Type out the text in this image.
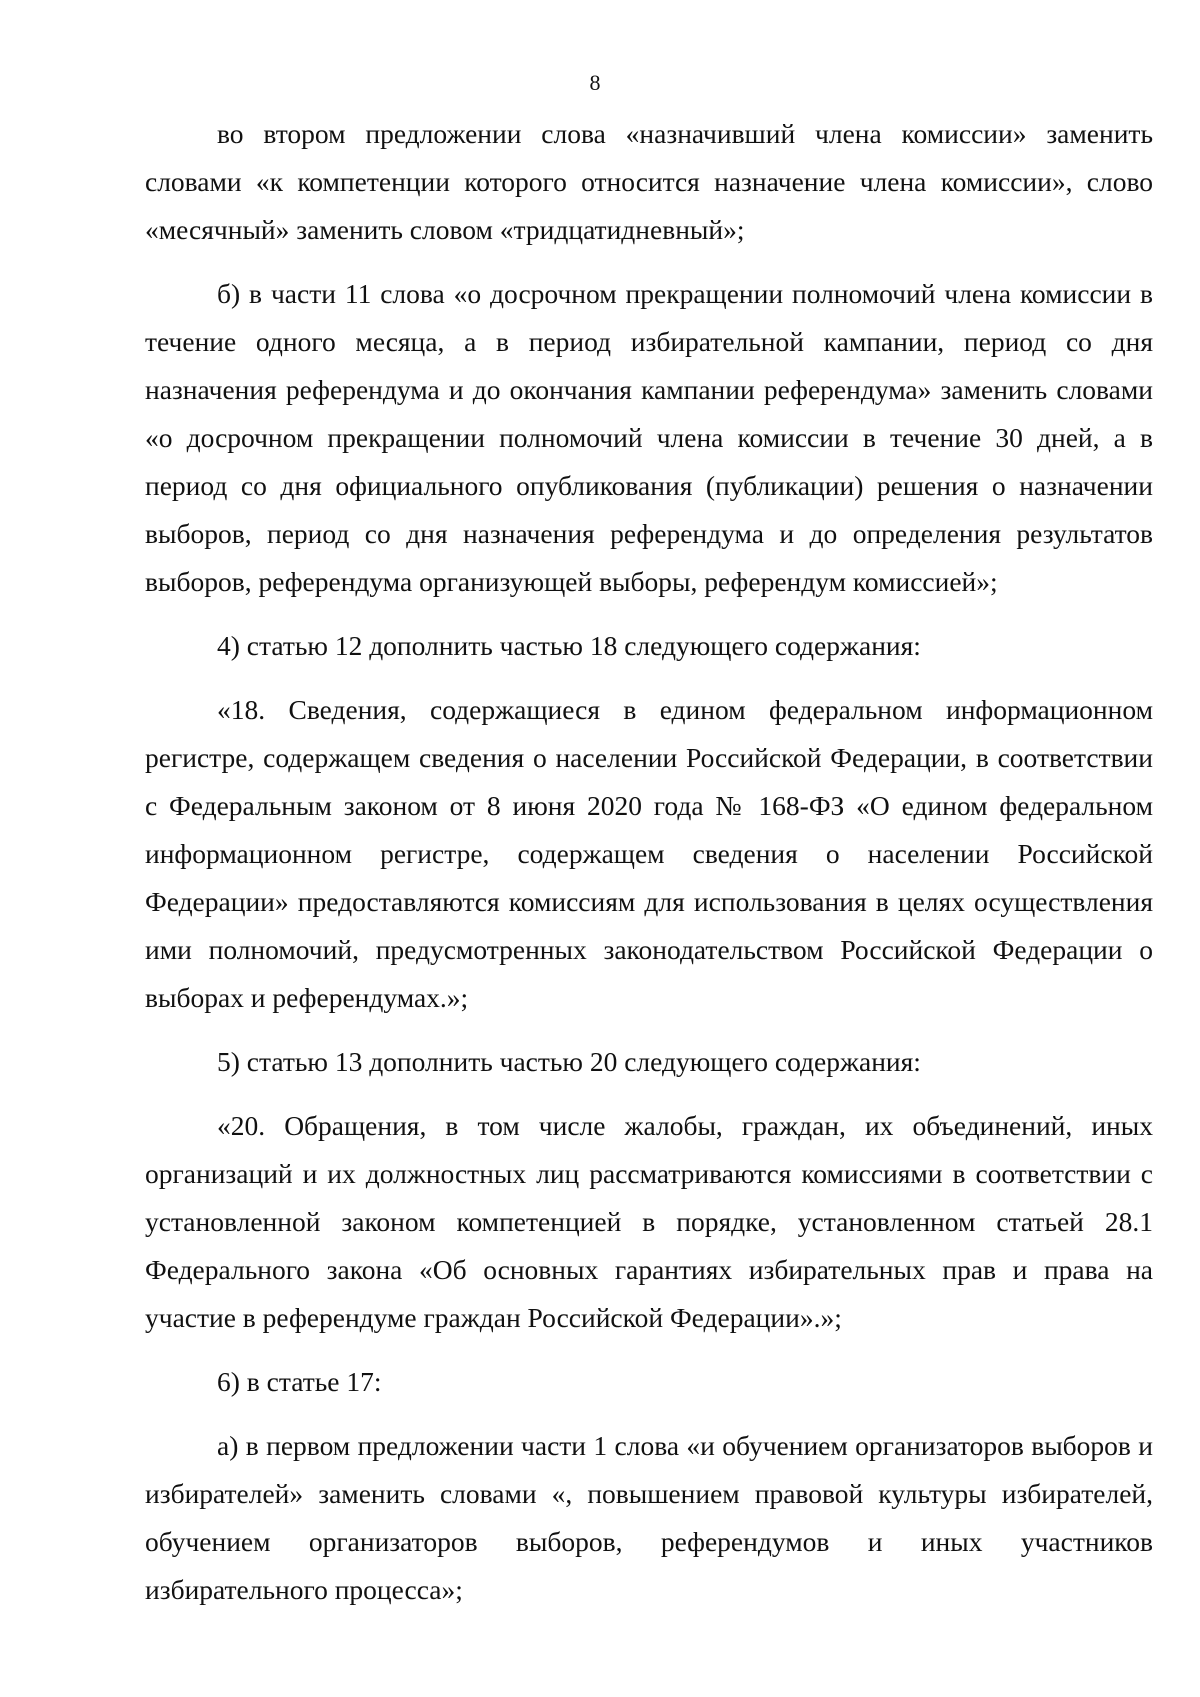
8

во втором предложении слова «назначивший члена комиссии» заменить словами «к компетенции которого относится назначение члена комиссии», слово «месячный» заменить словом «тридцатидневный»;

б) в части 11 слова «о досрочном прекращении полномочий члена комиссии в течение одного месяца, а в период избирательной кампании, период со дня назначения референдума и до окончания кампании референдума» заменить словами «о досрочном прекращении полномочий члена комиссии в течение 30 дней, а в период со дня официального опубликования (публикации) решения о назначении выборов, период со дня назначения референдума и до определения результатов выборов, референдума организующей выборы, референдум комиссией»;

4) статью 12 дополнить частью 18 следующего содержания:

«18. Сведения, содержащиеся в едином федеральном информационном регистре, содержащем сведения о населении Российской Федерации, в соответствии с Федеральным законом от 8 июня 2020 года № 168-ФЗ «О едином федеральном информационном регистре, содержащем сведения о населении Российской Федерации» предоставляются комиссиям для использования в целях осуществления ими полномочий, предусмотренных законодательством Российской Федерации о выборах и референдумах.»;

5) статью 13 дополнить частью 20 следующего содержания:

«20. Обращения, в том числе жалобы, граждан, их объединений, иных организаций и их должностных лиц рассматриваются комиссиями в соответствии с установленной законом компетенцией в порядке, установленном статьей 28.1 Федерального закона «Об основных гарантиях избирательных прав и права на участие в референдуме граждан Российской Федерации».»;

6) в статье 17:

а) в первом предложении части 1 слова «и обучением организаторов выборов и избирателей» заменить словами «, повышением правовой культуры избирателей, обучением организаторов выборов, референдумов и иных участников избирательного процесса»;
